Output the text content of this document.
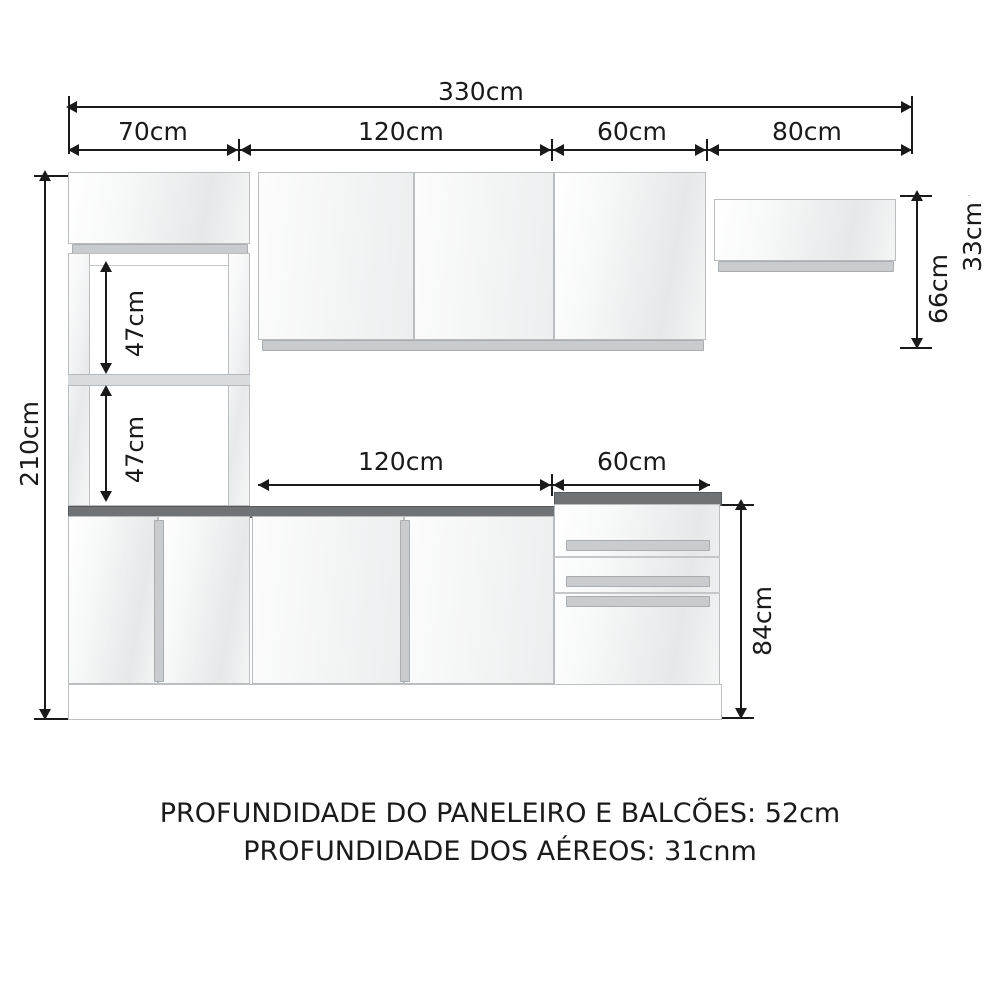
330cm
70cm	120cm	60cm	80cm
210cm
47cm
47cm
66cm
33cm
120cm	60cm
84cm
PROFUNDIDADE DO PANELEIRO E BALCÕES: 52cm
PROFUNDIDADE DOS AÉREOS: 31cnm
